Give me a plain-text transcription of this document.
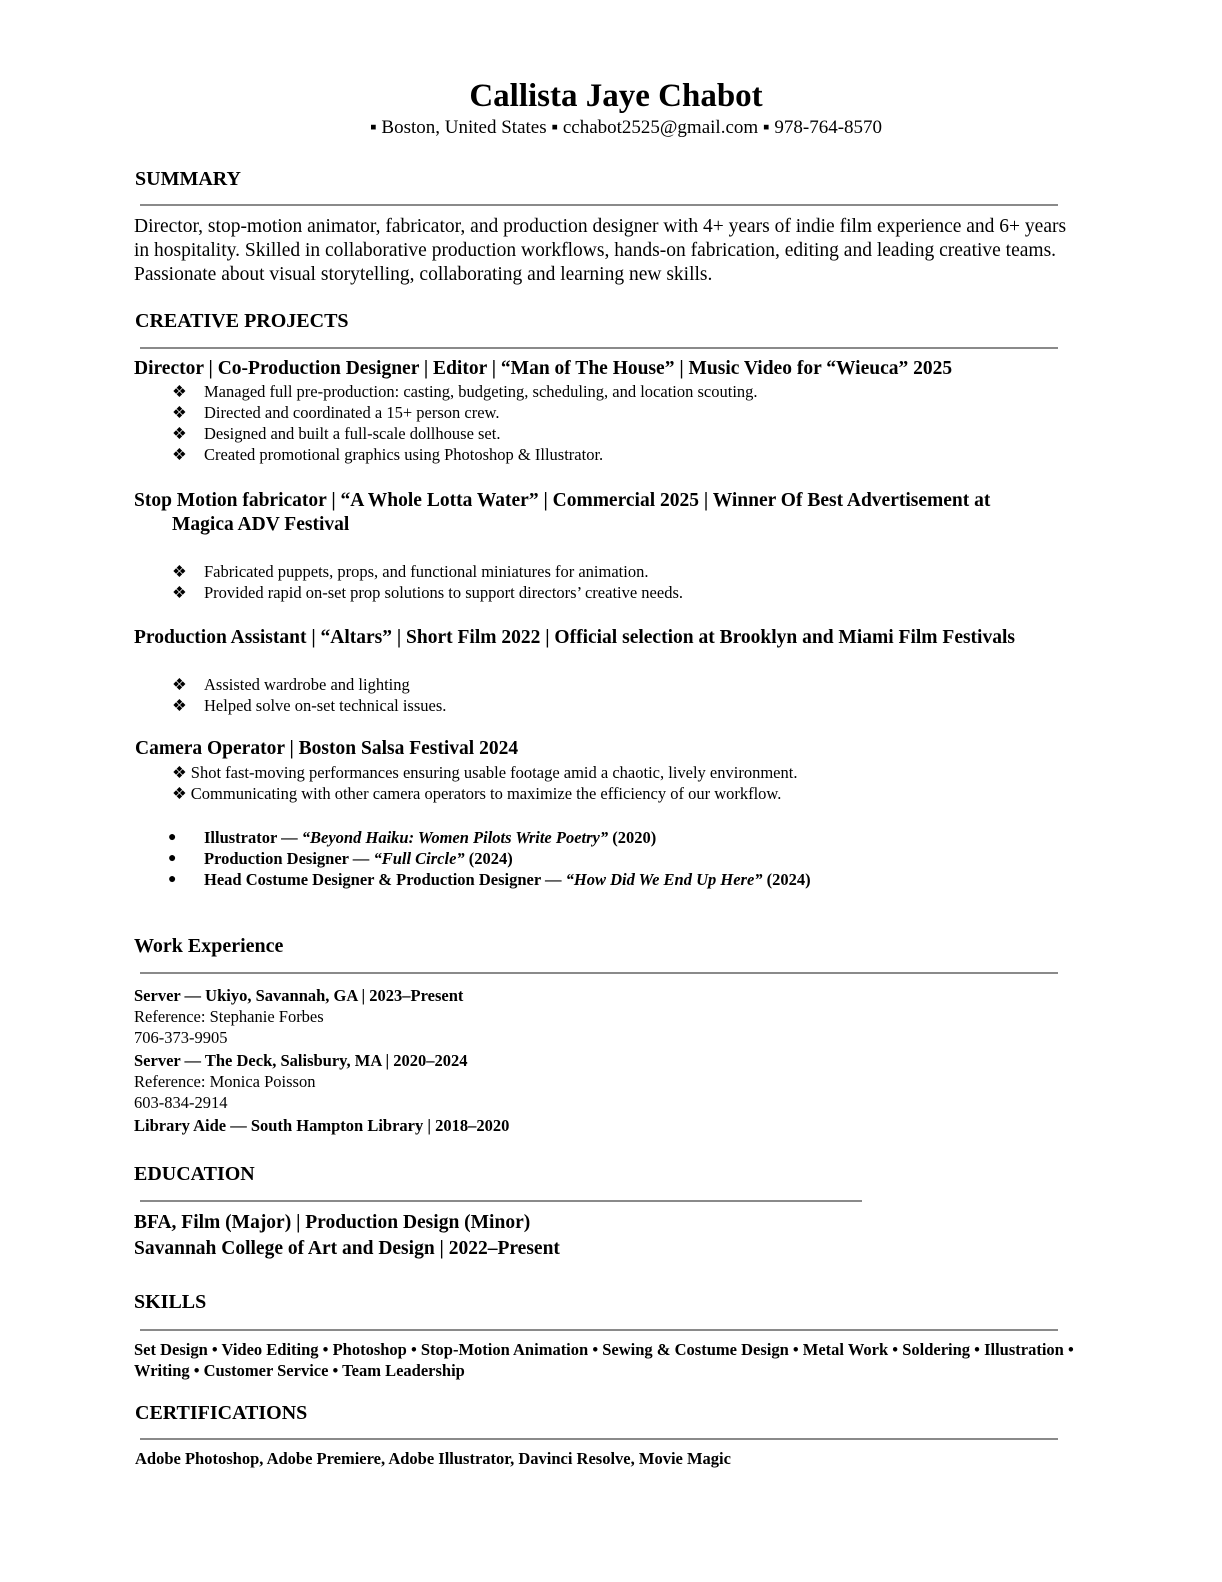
Callista Jaye Chabot
▪ Boston, United States ▪ cchabot2525@gmail.com ▪ 978-764-8570
SUMMARY
Director, stop-motion animator, fabricator, and production designer with 4+ years of indie film experience and 6+ years in hospitality. Skilled in collaborative production workflows, hands-on fabrication, editing and leading creative teams. Passionate about visual storytelling, collaborating and learning new skills.
CREATIVE PROJECTS
Director | Co-Production Designer | Editor | “Man of The House” | Music Video for “Wieuca” 2025
❖ Managed full pre-production: casting, budgeting, scheduling, and location scouting.
❖ Directed and coordinated a 15+ person crew.
❖ Designed and built a full-scale dollhouse set.
❖ Created promotional graphics using Photoshop & Illustrator.
Stop Motion fabricator | “A Whole Lotta Water” | Commercial 2025 | Winner Of Best Advertisement at
Magica ADV Festival
❖ Fabricated puppets, props, and functional miniatures for animation.
❖ Provided rapid on-set prop solutions to support directors’ creative needs.
Production Assistant | “Altars” | Short Film 2022 | Official selection at Brooklyn and Miami Film Festivals
❖ Assisted wardrobe and lighting
❖ Helped solve on-set technical issues.
Camera Operator | Boston Salsa Festival 2024
❖ Shot fast-moving performances ensuring usable footage amid a chaotic, lively environment.
❖ Communicating with other camera operators to maximize the efficiency of our workflow.
● Illustrator — “Beyond Haiku: Women Pilots Write Poetry” (2020)
● Production Designer — “Full Circle” (2024)
● Head Costume Designer & Production Designer — “How Did We End Up Here” (2024)
Work Experience
Server — Ukiyo, Savannah, GA | 2023–Present
Reference: Stephanie Forbes
706-373-9905
Server — The Deck, Salisbury, MA | 2020–2024
Reference: Monica Poisson
603-834-2914
Library Aide — South Hampton Library | 2018–2020
EDUCATION
BFA, Film (Major) | Production Design (Minor)
Savannah College of Art and Design | 2022–Present
SKILLS
Set Design • Video Editing • Photoshop • Stop-Motion Animation • Sewing & Costume Design • Metal Work • Soldering • Illustration • Writing • Customer Service • Team Leadership
CERTIFICATIONS
Adobe Photoshop, Adobe Premiere, Adobe Illustrator, Davinci Resolve, Movie Magic
